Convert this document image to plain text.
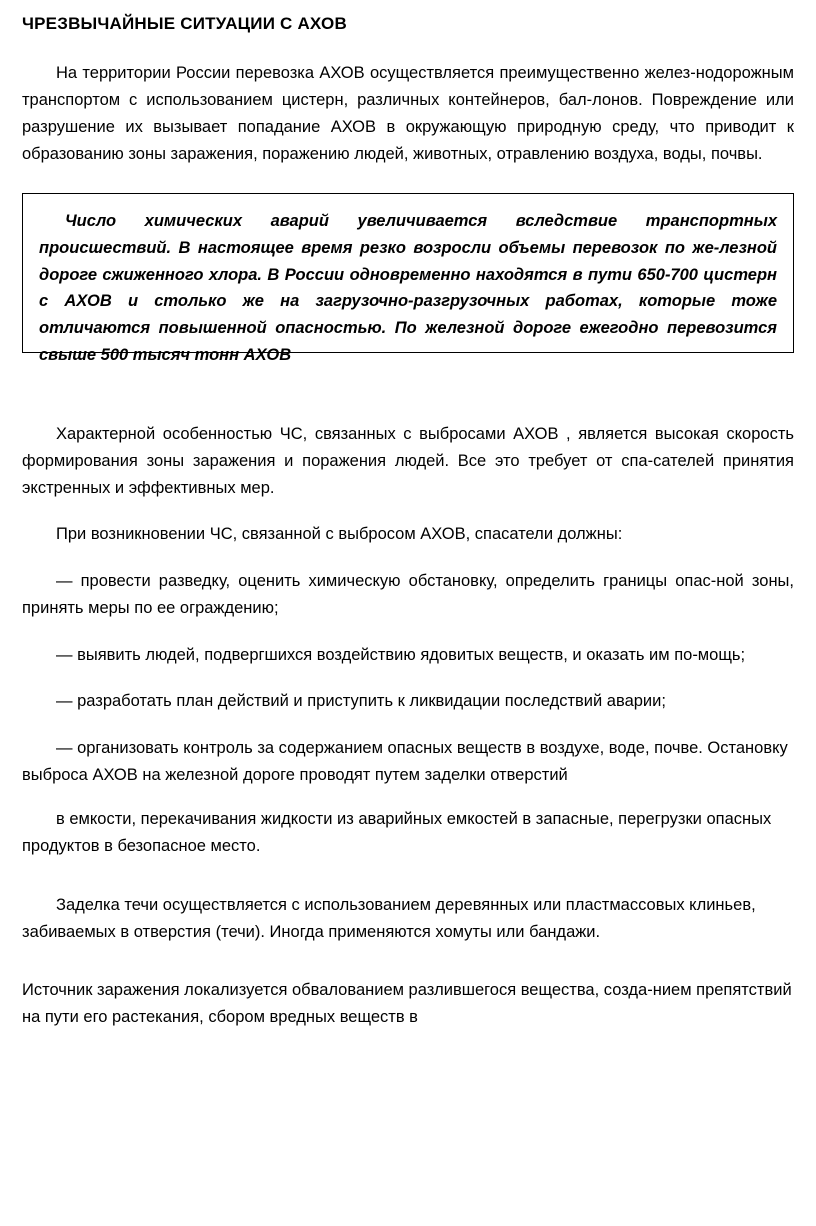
ЧРЕЗВЫЧАЙНЫЕ СИТУАЦИИ С АХОВ

На территории России перевозка АХОВ осуществляется преимущественно желез-нодорожным транспортом с использованием цистерн, различных контейнеров, бал-лонов. Повреждение или разрушение их вызывает попадание АХОВ в окружающую природную среду, что приводит к образованию зоны заражения, поражению людей, животных, отравлению воздуха, воды, почвы.

Число химических аварий увеличивается вследствие транспортных происшествий. В настоящее время резко возросли объемы перевозок по же-лезной дороге сжиженного хлора. В России одновременно находятся в пути 650-700 цистерн с АХОВ и столько же на загрузочно-разгрузочных работах, которые тоже отличаются повышенной опасностью. По железной дороге ежегодно перевозится свыше 500 тысяч тонн АХОВ

Характерной особенностью ЧС, связанных с выбросами АХОВ , является высокая скорость формирования зоны заражения и поражения людей. Все это требует от спа-сателей принятия экстренных и эффективных мер.

При возникновении ЧС, связанной с выбросом АХОВ, спасатели должны:

— провести разведку, оценить химическую обстановку, определить границы опас-ной зоны, принять меры по ее ограждению;

— выявить людей, подвергшихся воздействию ядовитых веществ, и оказать им по-мощь;

— разработать план действий и приступить к ликвидации последствий аварии;

— организовать контроль за содержанием опасных веществ в воздухе, воде, почве. Остановку выброса АХОВ на железной дороге проводят путем заделки отверстий

в емкости, перекачивания жидкости из аварийных емкостей в запасные, перегрузки опасных продуктов в безопасное место.

Заделка течи осуществляется с использованием деревянных или пластмассовых клиньев, забиваемых в отверстия (течи). Иногда применяются хомуты или бандажи.

Источник заражения локализуется обвалованием разлившегося вещества, созда-нием препятствий на пути его растекания, сбором вредных веществ в
